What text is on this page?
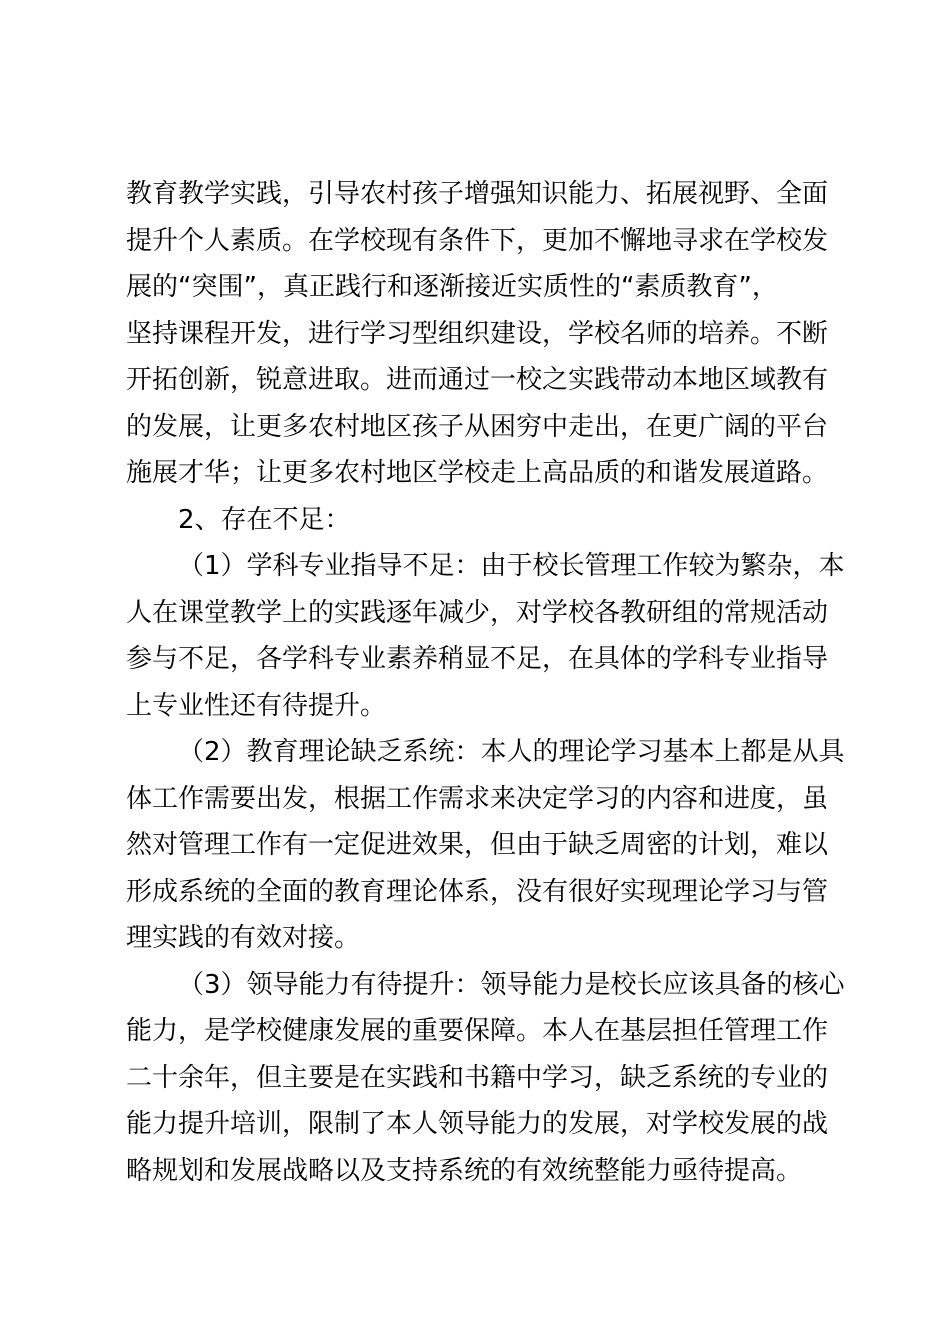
教育教学实践，引导农村孩子增强知识能力、拓展视野、全面
提升个人素质。在学校现有条件下，更加不懈地寻求在学校发
展的“突围”，真正践行和逐渐接近实质性的“素质教育”，
坚持课程开发，进行学习型组织建设，学校名师的培养。不断
开拓创新，锐意进取。进而通过一校之实践带动本地区域教有
的发展，让更多农村地区孩子从困穷中走出，在更广阔的平台
施展才华；让更多农村地区学校走上高品质的和谐发展道路。
2、存在不足：
（1）学科专业指导不足：由于校长管理工作较为繁杂，本
人在课堂教学上的实践逐年减少，对学校各教研组的常规活动
参与不足，各学科专业素养稍显不足，在具体的学科专业指导
上专业性还有待提升。
（2）教育理论缺乏系统：本人的理论学习基本上都是从具
体工作需要出发，根据工作需求来决定学习的内容和进度，虽
然对管理工作有一定促进效果，但由于缺乏周密的计划，难以
形成系统的全面的教育理论体系，没有很好实现理论学习与管
理实践的有效对接。
（3）领导能力有待提升：领导能力是校长应该具备的核心
能力，是学校健康发展的重要保障。本人在基层担任管理工作
二十余年，但主要是在实践和书籍中学习，缺乏系统的专业的
能力提升培训，限制了本人领导能力的发展，对学校发展的战
略规划和发展战略以及支持系统的有效统整能力亟待提高。
